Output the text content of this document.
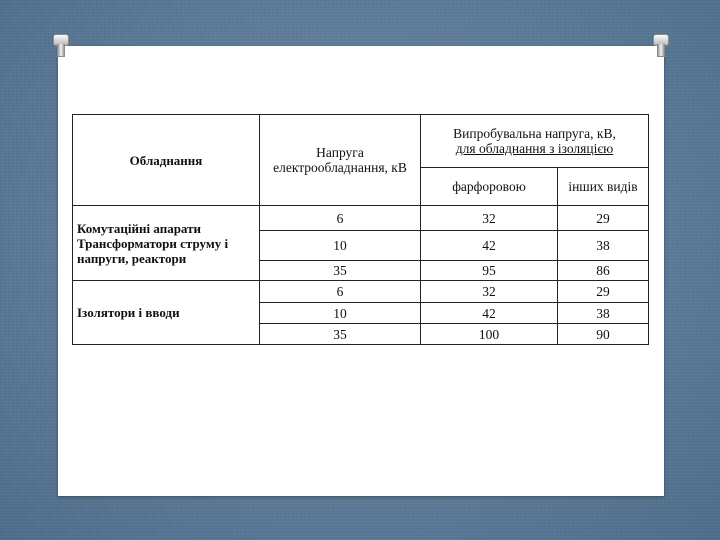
Обладнання	Напруга електрообладнання, кВ	Випробувальна напруга, кВ,
для обладнання з ізоляцією	

		фарфоровою	інших видів
Комутаційні апарати Трансформатори струму і напруги, реактори	6	32	29
	10	42	38
	35	95	86
Ізолятори і вводи	6	32	29
	10	42	38
	35	100	90
